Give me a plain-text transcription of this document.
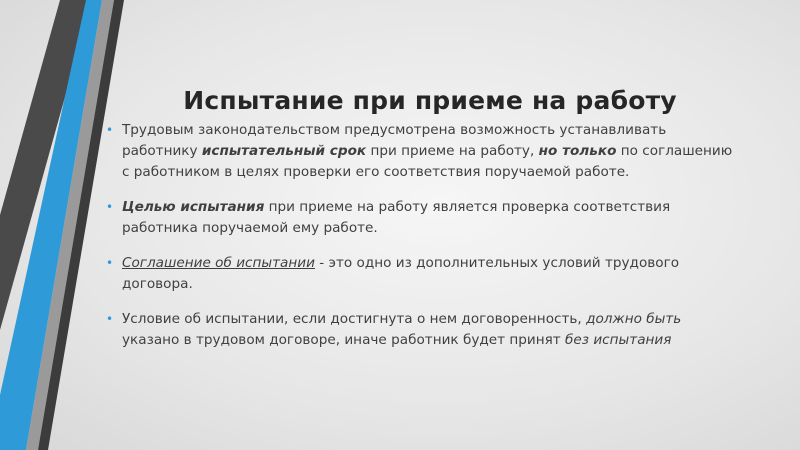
Испытание при приеме на работу
• Трудовым законодательством предусмотрена возможность устанавливать работнику испытательный срок при приеме на работу, но только по соглашению с работником в целях проверки его соответствия поручаемой работе.
• Целью испытания при приеме на работу является проверка соответствия работника поручаемой ему работе.
• Соглашение об испытании - это одно из дополнительных условий трудового договора.
• Условие об испытании, если достигнута о нем договоренность, должно быть указано в трудовом договоре, иначе работник будет принят без испытания
